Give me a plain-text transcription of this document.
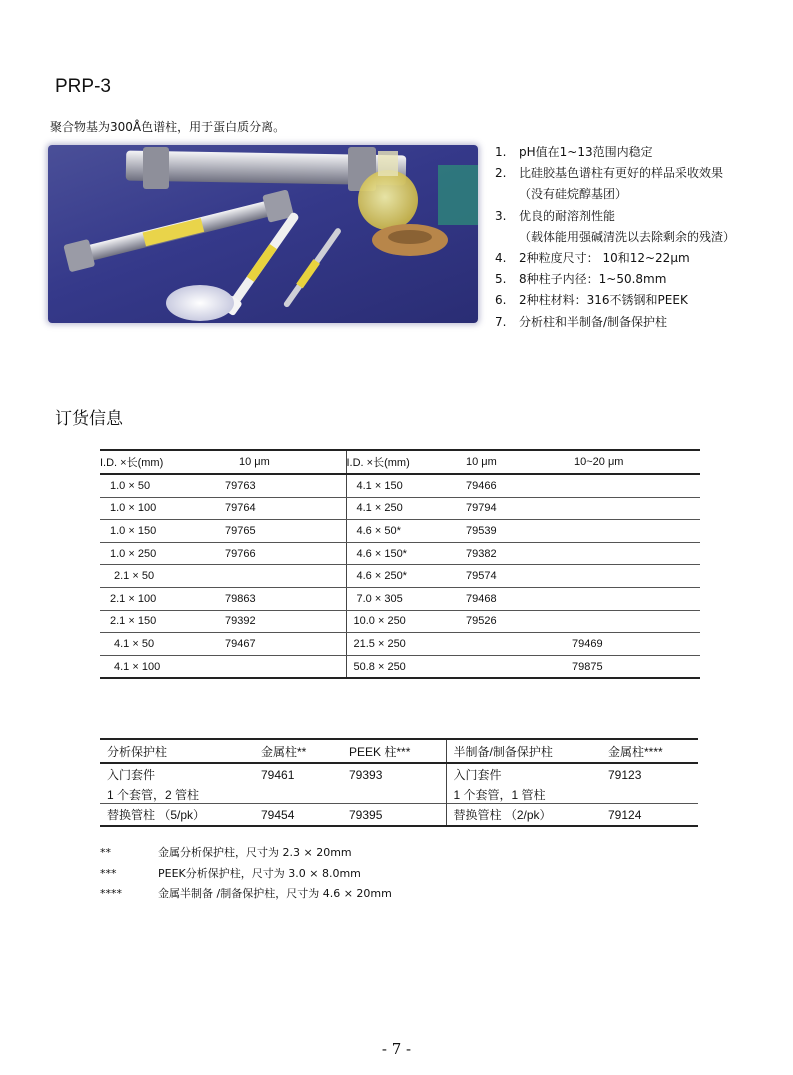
PRP-3
聚合物基为300Å色谱柱，用于蛋白质分离。
1.	pH值在1~13范围内稳定
2.	比硅胶基色谱柱有更好的样品采收效果
（没有硅烷醇基团）
3.	优良的耐溶剂性能
（载体能用强碱清洗以去除剩余的残渣）
4.	2种粒度尺寸： 10和12~22μm
5.	8种柱子内径：1~50.8mm
6.	2种柱材料：316不锈钢和PEEK
7.	分析柱和半制备/制备保护柱
订货信息
I.D. ×长(mm)	10 μm	I.D. ×长(mm)	10 μm	10~20 μm
1.0 × 50	79763	4.1 × 150	79466	
1.0 × 100	79764	4.1 × 250	79794	
1.0 × 150	79765	4.6 × 50*	79539	
1.0 × 250	79766	4.6 × 150*	79382	
2.1 × 50		4.6 × 250*	79574	
2.1 × 100	79863	7.0 × 305	79468	
2.1 × 150	79392	10.0 × 250	79526	
4.1 × 50	79467	21.5 × 250		79469
4.1 × 100		50.8 × 250		79875
**	金属分析保护柱，尺寸为 2.3 × 20mm
***	PEEK分析保护柱，尺寸为 3.0 × 8.0mm
****	金属半制备 /制备保护柱，尺寸为 4.6 × 20mm
分析保护柱	金属柱**	PEEK 柱***	半制备/制备保护柱	金属柱****
入门套件	79461	79393	入门套件	79123
1 个套管，2 管柱			1 个套管，1 管柱	
替换管柱 （5/pk）	79454	79395	替换管柱 （2/pk）	79124
- 7 -
